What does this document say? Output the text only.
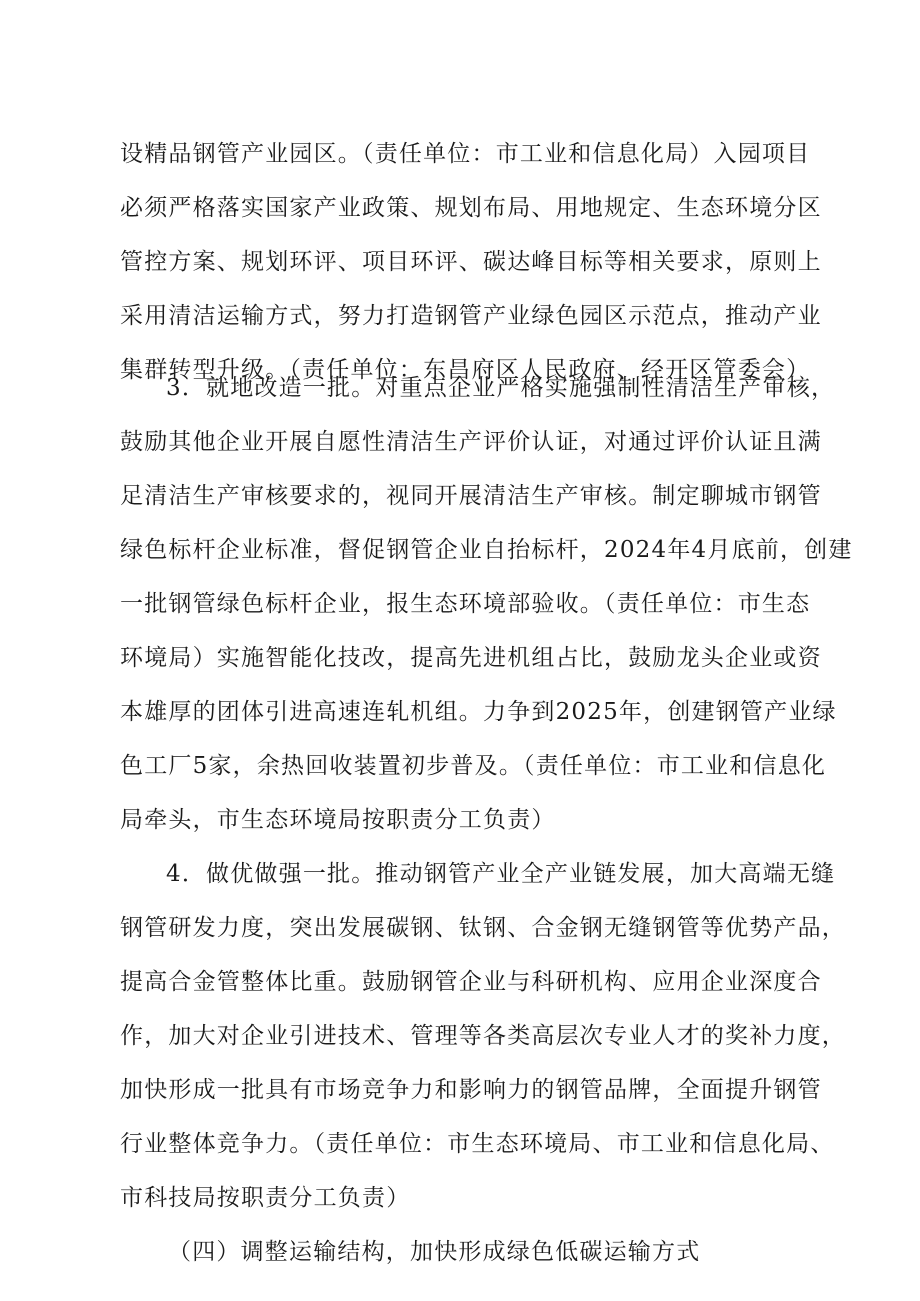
设精品钢管产业园区。（责任单位：市工业和信息化局）入园项目
必须严格落实国家产业政策、规划布局、用地规定、生态环境分区
管控方案、规划环评、项目环评、碳达峰目标等相关要求，原则上
采用清洁运输方式，努力打造钢管产业绿色园区示范点，推动产业
集群转型升级。（责任单位：东昌府区人民政府、经开区管委会）
3．就地改造一批。对重点企业严格实施强制性清洁生产审核，
鼓励其他企业开展自愿性清洁生产评价认证，对通过评价认证且满
足清洁生产审核要求的，视同开展清洁生产审核。制定聊城市钢管
绿色标杆企业标准，督促钢管企业自抬标杆，2024年4月底前，创建
一批钢管绿色标杆企业，报生态环境部验收。（责任单位：市生态
环境局）实施智能化技改，提高先进机组占比，鼓励龙头企业或资
本雄厚的团体引进高速连轧机组。力争到2025年，创建钢管产业绿
色工厂5家，余热回收装置初步普及。（责任单位：市工业和信息化
局牵头，市生态环境局按职责分工负责）
4．做优做强一批。推动钢管产业全产业链发展，加大高端无缝
钢管研发力度，突出发展碳钢、钛钢、合金钢无缝钢管等优势产品，
提高合金管整体比重。鼓励钢管企业与科研机构、应用企业深度合
作，加大对企业引进技术、管理等各类高层次专业人才的奖补力度，
加快形成一批具有市场竞争力和影响力的钢管品牌，全面提升钢管
行业整体竞争力。（责任单位：市生态环境局、市工业和信息化局、
市科技局按职责分工负责）
（四）调整运输结构，加快形成绿色低碳运输方式
